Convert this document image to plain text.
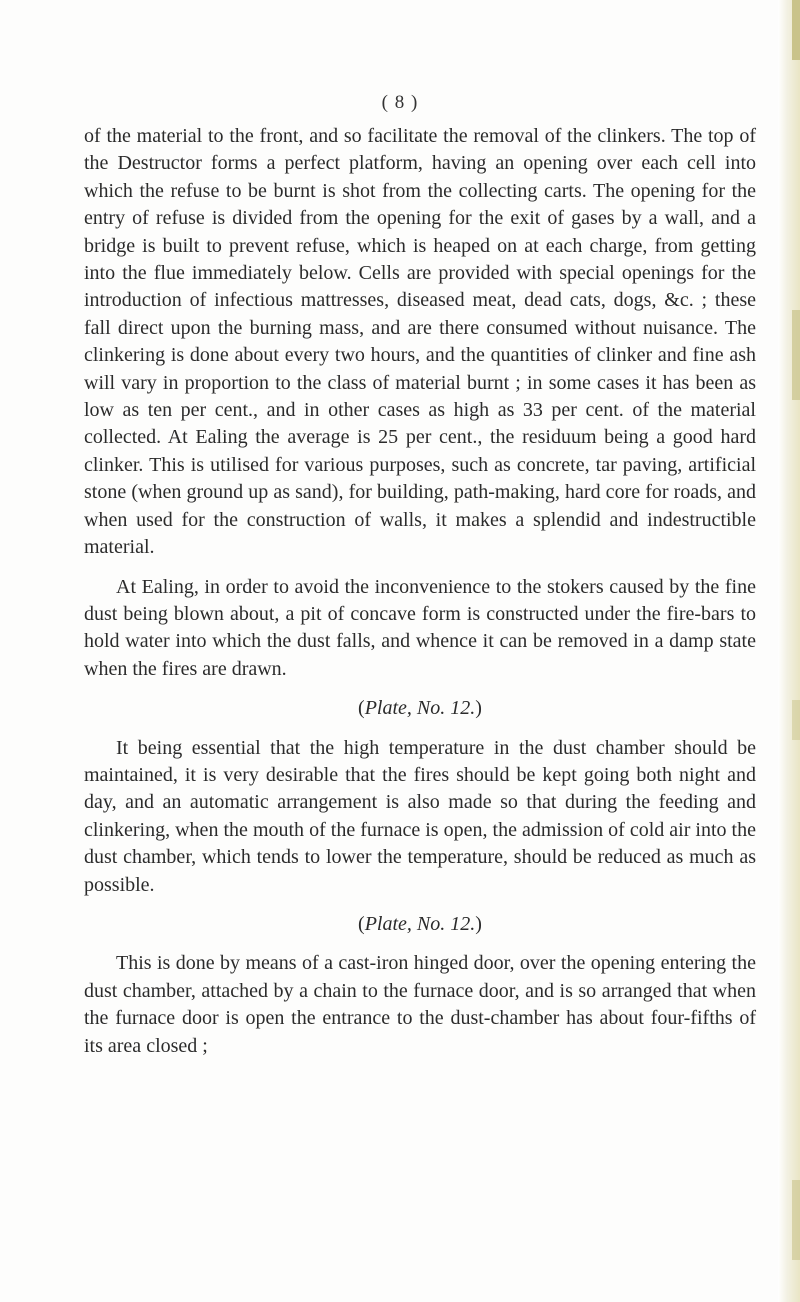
( 8 )

of the material to the front, and so facilitate the removal of the clinkers. The top of the Destructor forms a perfect platform, having an opening over each cell into which the refuse to be burnt is shot from the collecting carts. The opening for the entry of refuse is divided from the opening for the exit of gases by a wall, and a bridge is built to prevent refuse, which is heaped on at each charge, from getting into the flue immediately below. Cells are provided with special openings for the introduction of infectious mattresses, diseased meat, dead cats, dogs, &c. ; these fall direct upon the burning mass, and are there consumed without nuisance. The clinkering is done about every two hours, and the quantities of clinker and fine ash will vary in proportion to the class of material burnt ; in some cases it has been as low as ten per cent., and in other cases as high as 33 per cent. of the material collected. At Ealing the average is 25 per cent., the residuum being a good hard clinker. This is utilised for various purposes, such as concrete, tar paving, artificial stone (when ground up as sand), for building, path-making, hard core for roads, and when used for the construction of walls, it makes a splendid and indestructible material.

At Ealing, in order to avoid the inconvenience to the stokers caused by the fine dust being blown about, a pit of concave form is constructed under the fire-bars to hold water into which the dust falls, and whence it can be removed in a damp state when the fires are drawn.

(Plate, No. 12.)

It being essential that the high temperature in the dust chamber should be maintained, it is very desirable that the fires should be kept going both night and day, and an automatic arrangement is also made so that during the feeding and clinkering, when the mouth of the furnace is open, the admission of cold air into the dust chamber, which tends to lower the temperature, should be reduced as much as possible.

(Plate, No. 12.)

This is done by means of a cast-iron hinged door, over the opening entering the dust chamber, attached by a chain to the furnace door, and is so arranged that when the furnace door is open the entrance to the dust-chamber has about four-fifths of its area closed ;
